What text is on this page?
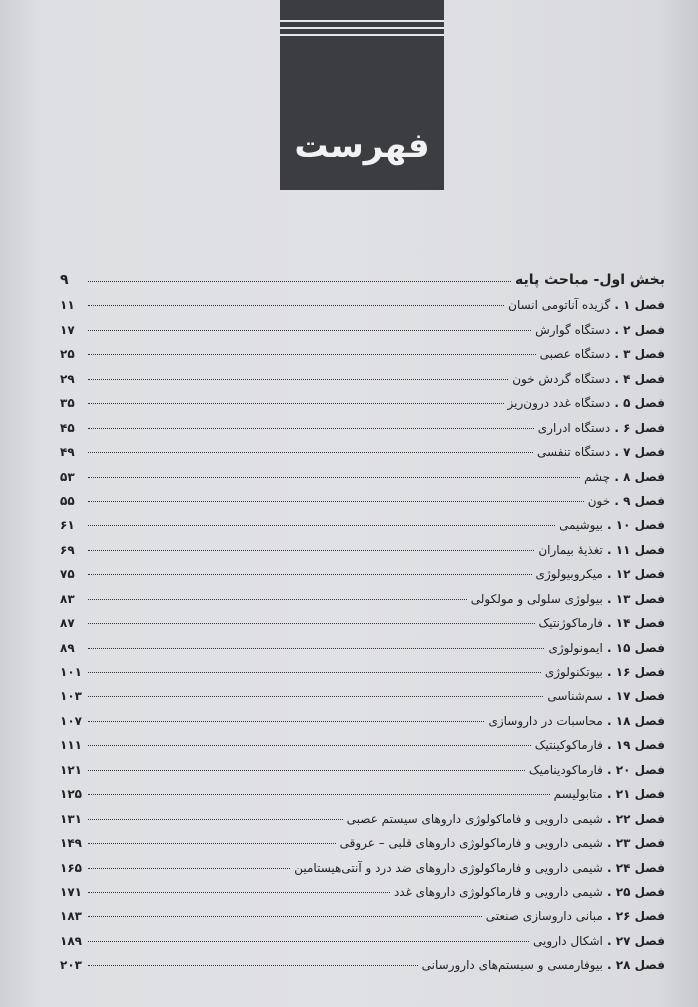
فهرست
بخش اول- مباحث پایه
۹
فصل ۱ . گزیده آناتومی انسان
۱۱
فصل ۲ . دستگاه گوارش
۱۷
فصل ۳ . دستگاه عصبی
۲۵
فصل ۴ . دستگاه گردش خون
۲۹
فصل ۵ . دستگاه غدد درون‌ریز
۳۵
فصل ۶ . دستگاه ادراری
۴۵
فصل ۷ . دستگاه تنفسی
۴۹
فصل ۸ . چشم
۵۳
فصل ۹ . خون
۵۵
فصل ۱۰ . بیوشیمی
۶۱
فصل ۱۱ . تغذیهٔ بیماران
۶۹
فصل ۱۲ . میکروبیولوژی
۷۵
فصل ۱۳ . بیولوژی سلولی و مولکولی
۸۳
فصل ۱۴ . فارماکوژنتیک
۸۷
فصل ۱۵ . ایمونولوژی
۸۹
فصل ۱۶ . بیوتکنولوژی
۱۰۱
فصل ۱۷ . سم‌شناسی
۱۰۳
فصل ۱۸ . محاسبات در داروسازی
۱۰۷
فصل ۱۹ . فارماکوکینتیک
۱۱۱
فصل ۲۰ . فارماکودینامیک
۱۲۱
فصل ۲۱ . متابولیسم
۱۲۵
فصل ۲۲ . شیمی دارویی و فاماکولوژی داروهای سیستم عصبی
۱۳۱
فصل ۲۳ . شیمی دارویی و فارماکولوژی داروهای قلبی – عروقی
۱۴۹
فصل ۲۴ . شیمی دارویی و فارماکولوژی داروهای ضد درد و آنتی‌هیستامین
۱۶۵
فصل ۲۵ . شیمی دارویی و فارماکولوژی داروهای غدد
۱۷۱
فصل ۲۶ . مبانی داروسازی صنعتی
۱۸۳
فصل ۲۷ . اشکال دارویی
۱۸۹
فصل ۲۸ . بیوفارمسی و سیستم‌های دارورسانی
۲۰۳
